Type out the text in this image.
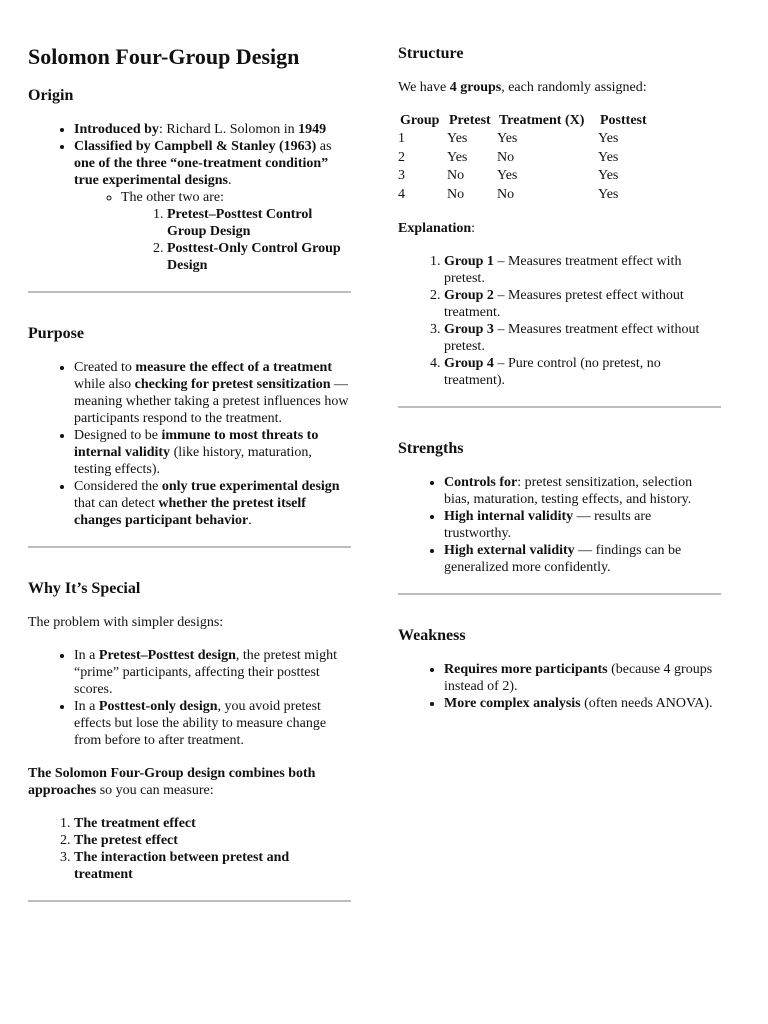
Solomon Four-Group Design
Origin
• Introduced by: Richard L. Solomon in 1949
• Classified by Campbell & Stanley (1963) as one of the three “one-treatment condition” true experimental designs.
◦ The other two are:
1. Pretest–Posttest Control Group Design
2. Posttest-Only Control Group Design
Purpose
• Created to measure the effect of a treatment while also checking for pretest sensitization — meaning whether taking a pretest influences how participants respond to the treatment.
• Designed to be immune to most threats to internal validity (like history, maturation, testing effects).
• Considered the only true experimental design that can detect whether the pretest itself changes participant behavior.
Why It’s Special

The problem with simpler designs:

• In a Pretest–Posttest design, the pretest might “prime” participants, affecting their posttest scores.
• In a Posttest-only design, you avoid pretest effects but lose the ability to measure change from before to after treatment.

The Solomon Four-Group design combines both approaches so you can measure:

1. The treatment effect
2. The pretest effect
3. The interaction between pretest and treatment
Structure

We have 4 groups, each randomly assigned:

Group	Pretest	Treatment (X)	Posttest
1	Yes	Yes	Yes
2	Yes	No	Yes
3	No	Yes	Yes
4	No	No	Yes

Explanation:

1. Group 1 – Measures treatment effect with pretest.
2. Group 2 – Measures pretest effect without treatment.
3. Group 3 – Measures treatment effect without pretest.
4. Group 4 – Pure control (no pretest, no treatment).
Strengths
• Controls for: pretest sensitization, selection bias, maturation, testing effects, and history.
• High internal validity — results are trustworthy.
• High external validity — findings can be generalized more confidently.
Weakness
• Requires more participants (because 4 groups instead of 2).
• More complex analysis (often needs ANOVA).
